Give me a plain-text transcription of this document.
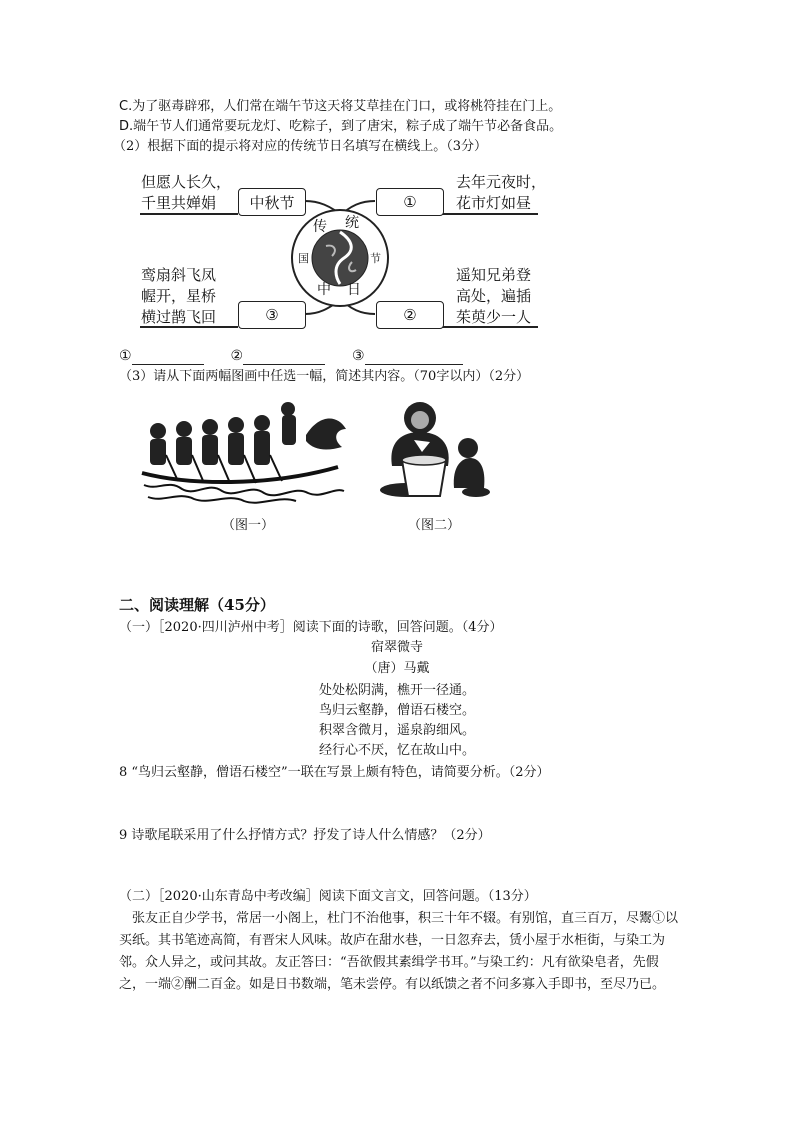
C.为了驱毒辟邪，人们常在端午节这天将艾草挂在门口，或将桃符挂在门上。
D.端午节人们通常要玩龙灯、吃粽子，到了唐宋，粽子成了端午节必备食品。
（2）根据下面的提示将对应的传统节日名填写在横线上。（3分）
但愿人长久，
千里共婵娟	中秋节	①
去年元夜时，
花市灯如昼
鸾扇斜飞凤
幄开，星桥
横过鹊飞回	③	②
遥知兄弟登
高处，遍插
茱萸少一人
传 统
节
日
中
国
①	②	③
（3）请从下面两幅图画中任选一幅，简述其内容。（70字以内）（2分）
（图一）	（图二）
二、阅读理解（45分）
（一）［2020·四川泸州中考］阅读下面的诗歌，回答问题。（4分）
宿翠微寺
（唐）马戴
处处松阴满，樵开一径通。
鸟归云壑静，僧语石楼空。
积翠含微月，遥泉韵细风。
经行心不厌，忆在故山中。
8 “鸟归云壑静，僧语石楼空”一联在写景上颇有特色，请简要分析。（2分）
9 诗歌尾联采用了什么抒情方式？抒发了诗人什么情感？（2分）
（二）［2020·山东青岛中考改编］阅读下面文言文，回答问题。（13分）
张友正自少学书，常居一小阁上，杜门不治他事，积三十年不辍。有别馆，直三百万，尽鬻①以买纸。其书笔迹高简，有晋宋人风味。故庐在甜水巷，一日忽弃去，赁小屋于水柜街，与染工为邻。众人异之，或问其故。友正答曰：“吾欲假其素缉学书耳。”与染工约：凡有欲染皂者，先假之，一端②酬二百金。如是日书数端，笔未尝停。有以纸馈之者不问多寡入手即书，至尽乃已。
